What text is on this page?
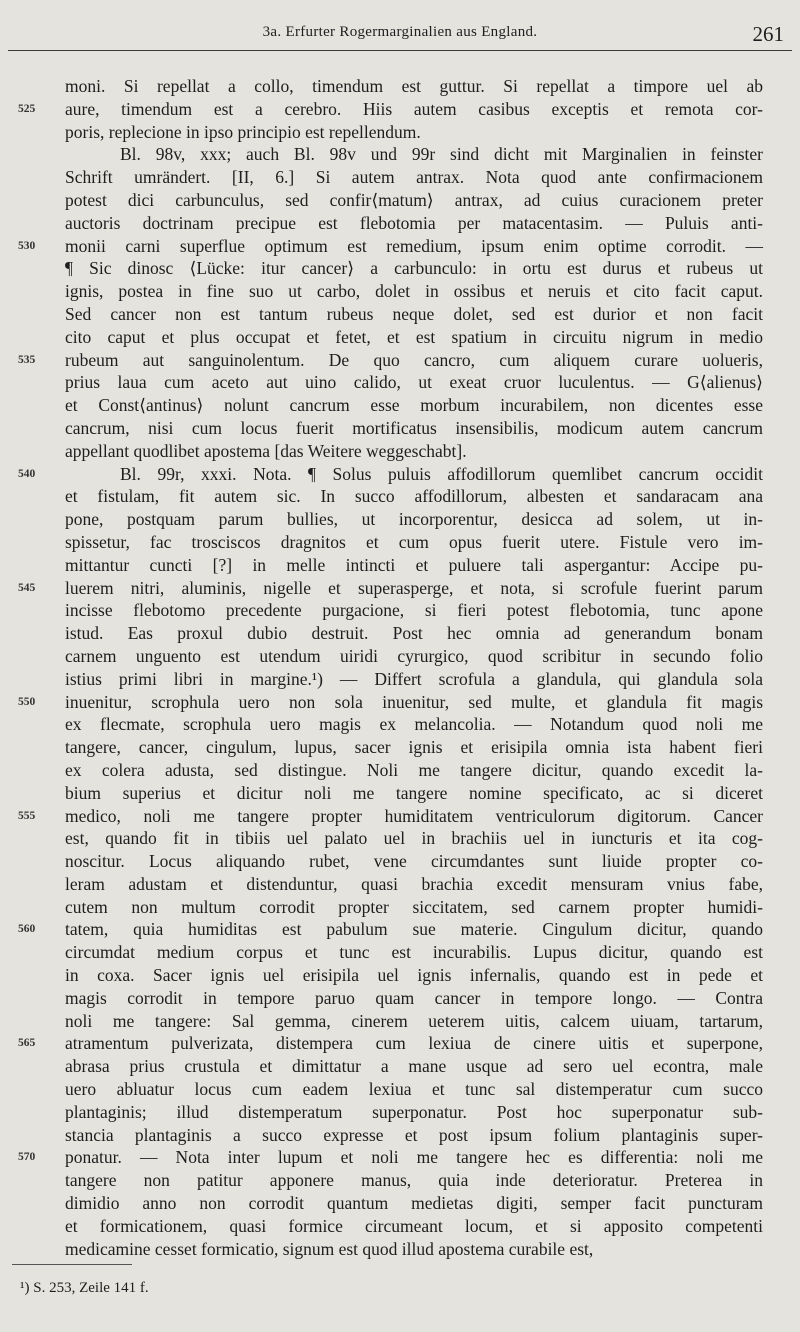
3a. Erfurter Rogermarginalien aus England.	261
moni. Si repellat a collo, timendum est guttur. Si repellat a timpore uel ab
525	aure, timendum est a cerebro. Hiis autem casibus exceptis et remota cor-
poris, replecione in ipso principio est repellendum.
Bl. 98v, xxx; auch Bl. 98v und 99r sind dicht mit Marginalien in feinster
Schrift umrändert. [II, 6.] Si autem antrax. Nota quod ante confirmacionem
potest dici carbunculus, sed confir⟨matum⟩ antrax, ad cuius curacionem preter
auctoris doctrinam precipue est flebotomia per matacentasim. — Puluis anti-
530	monii carni superflue optimum est remedium, ipsum enim optime corrodit. —
¶ Sic dinosc ⟨Lücke: itur cancer⟩ a carbunculo: in ortu est durus et rubeus ut
ignis, postea in fine suo ut carbo, dolet in ossibus et neruis et cito facit caput.
Sed cancer non est tantum rubeus neque dolet, sed est durior et non facit
cito caput et plus occupat et fetet, et est spatium in circuitu nigrum in medio
535	rubeum aut sanguinolentum. De quo cancro, cum aliquem curare uolueris,
prius laua cum aceto aut uino calido, ut exeat cruor luculentus. — G⟨alienus⟩
et Const⟨antinus⟩ nolunt cancrum esse morbum incurabilem, non dicentes esse
cancrum, nisi cum locus fuerit mortificatus insensibilis, modicum autem cancrum
appellant quodlibet apostema [das Weitere weggeschabt].
540	Bl. 99r, xxxi. Nota. ¶ Solus puluis affodillorum quemlibet cancrum occidit
et fistulam, fit autem sic. In succo affodillorum, albesten et sandaracam ana
pone, postquam parum bullies, ut incorporentur, desicca ad solem, ut in-
spissetur, fac trosciscos dragnitos et cum opus fuerit utere. Fistule vero im-
mittantur cuncti [?] in melle intincti et puluere tali aspergantur: Accipe pu-
545	luerem nitri, aluminis, nigelle et superasperge, et nota, si scrofule fuerint parum
incisse flebotomo precedente purgacione, si fieri potest flebotomia, tunc apone
istud. Eas proxul dubio destruit. Post hec omnia ad generandum bonam
carnem unguento est utendum uiridi cyrurgico, quod scribitur in secundo folio
istius primi libri in margine.¹) — Differt scrofula a glandula, qui glandula sola
550	inuenitur, scrophula uero non sola inuenitur, sed multe, et glandula fit magis
ex flecmate, scrophula uero magis ex melancolia. — Notandum quod noli me
tangere, cancer, cingulum, lupus, sacer ignis et erisipila omnia ista habent fieri
ex colera adusta, sed distingue. Noli me tangere dicitur, quando excedit la-
bium superius et dicitur noli me tangere nomine specificato, ac si diceret
555	medico, noli me tangere propter humiditatem ventriculorum digitorum. Cancer
est, quando fit in tibiis uel palato uel in brachiis uel in iuncturis et ita cog-
noscitur. Locus aliquando rubet, vene circumdantes sunt liuide propter co-
leram adustam et distenduntur, quasi brachia excedit mensuram vnius fabe,
cutem non multum corrodit propter siccitatem, sed carnem propter humidi-
560	tatem, quia humiditas est pabulum sue materie. Cingulum dicitur, quando
circumdat medium corpus et tunc est incurabilis. Lupus dicitur, quando est
in coxa. Sacer ignis uel erisipila uel ignis infernalis, quando est in pede et
magis corrodit in tempore paruo quam cancer in tempore longo. — Contra
noli me tangere: Sal gemma, cinerem ueterem uitis, calcem uiuam, tartarum,
565	atramentum pulverizata, distempera cum lexiua de cinere uitis et superpone,
abrasa prius crustula et dimittatur a mane usque ad sero uel econtra, male
uero abluatur locus cum eadem lexiua et tunc sal distemperatur cum succo
plantaginis; illud distemperatum superponatur. Post hoc superponatur sub-
stancia plantaginis a succo expresse et post ipsum folium plantaginis super-
570	ponatur. — Nota inter lupum et noli me tangere hec es differentia: noli me
tangere non patitur apponere manus, quia inde deterioratur. Preterea in
dimidio anno non corrodit quantum medietas digiti, semper facit puncturam
et formicationem, quasi formice circumeant locum, et si apposito competenti
medicamine cesset formicatio, signum est quod illud apostema curabile est,
¹) S. 253, Zeile 141 f.
